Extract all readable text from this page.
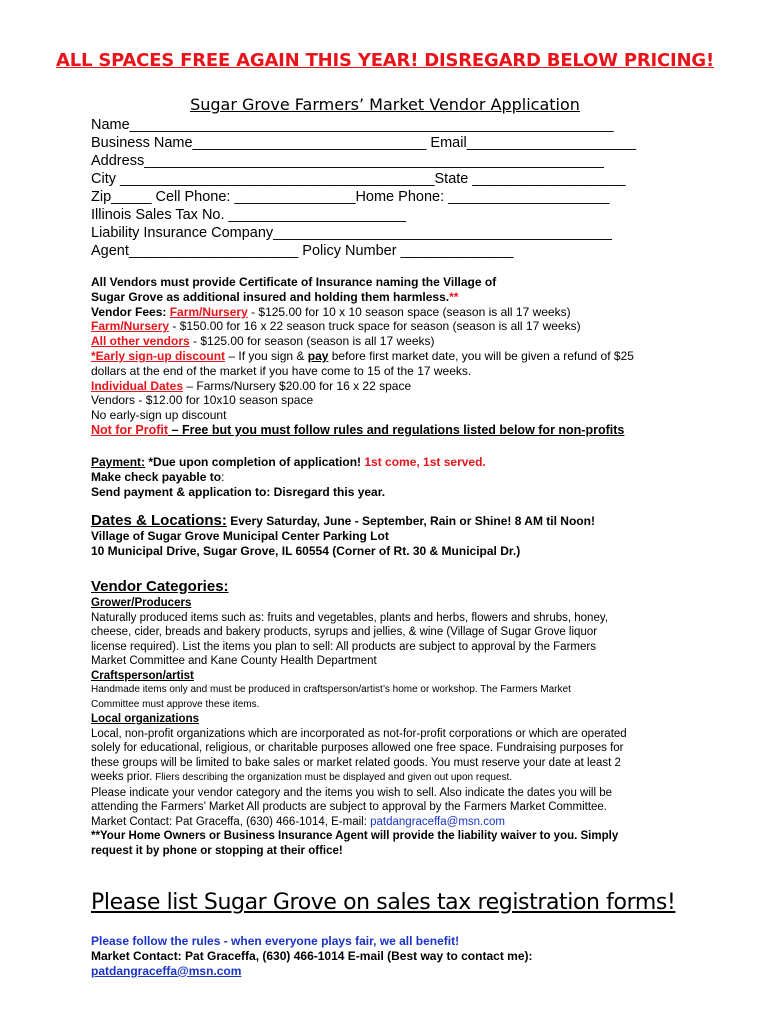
ALL SPACES FREE AGAIN THIS YEAR! DISREGARD BELOW PRICING!
Sugar Grove Farmers’ Market Vendor Application
Name____________________________________________________________
Business Name_____________________________ Email_____________________
Address_________________________________________________________
City _______________________________________State ___________________
Zip_____ Cell Phone: _______________Home Phone: ____________________
Illinois Sales Tax No. ______________________
Liability Insurance Company__________________________________________
Agent_____________________ Policy Number ______________
All Vendors must provide Certificate of Insurance naming the Village of
Sugar Grove as additional insured and holding them harmless.**
Vendor Fees: Farm/Nursery - $125.00 for 10 x 10 season space (season is all 17 weeks)
Farm/Nursery - $150.00 for 16 x 22 season truck space for season (season is all 17 weeks)
All other vendors - $125.00 for season (season is all 17 weeks)
*Early sign-up discount – If you sign & pay before first market date, you will be given a refund of $25
dollars at the end of the market if you have come to 15 of the 17 weeks.
Individual Dates – Farms/Nursery $20.00 for 16 x 22 space
Vendors - $12.00 for 10x10 season space
No early-sign up discount
Not for Profit – Free but you must follow rules and regulations listed below for non-profits
Payment: *Due upon completion of application! 1st come, 1st served.
Make check payable to:
Send payment & application to: Disregard this year.
Dates & Locations: Every Saturday, June - September, Rain or Shine! 8 AM til Noon!
Village of Sugar Grove Municipal Center Parking Lot
10 Municipal Drive, Sugar Grove, IL 60554 (Corner of Rt. 30 & Municipal Dr.)
Vendor Categories:
Grower/Producers
Naturally produced items such as: fruits and vegetables, plants and herbs, flowers and shrubs, honey,
cheese, cider, breads and bakery products, syrups and jellies, & wine (Village of Sugar Grove liquor
license required). List the items you plan to sell: All products are subject to approval by the Farmers
Market Committee and Kane County Health Department
Craftsperson/artist
Handmade items only and must be produced in craftsperson/artist’s home or workshop. The Farmers Market
Committee must approve these items.
Local organizations
Local, non-profit organizations which are incorporated as not-for-profit corporations or which are operated
solely for educational, religious, or charitable purposes allowed one free space. Fundraising purposes for
these groups will be limited to bake sales or market related goods. You must reserve your date at least 2
weeks prior. Fliers describing the organization must be displayed and given out upon request.
Please indicate your vendor category and the items you wish to sell. Also indicate the dates you will be
attending the Farmers’ Market All products are subject to approval by the Farmers Market Committee.
Market Contact: Pat Graceffa, (630) 466-1014, E-mail: patdangraceffa@msn.com
**Your Home Owners or Business Insurance Agent will provide the liability waiver to you. Simply
request it by phone or stopping at their office!
Please list Sugar Grove on sales tax registration forms!
Please follow the rules - when everyone plays fair, we all benefit!
Market Contact: Pat Graceffa, (630) 466-1014 E-mail (Best way to contact me):
patdangraceffa@msn.com
